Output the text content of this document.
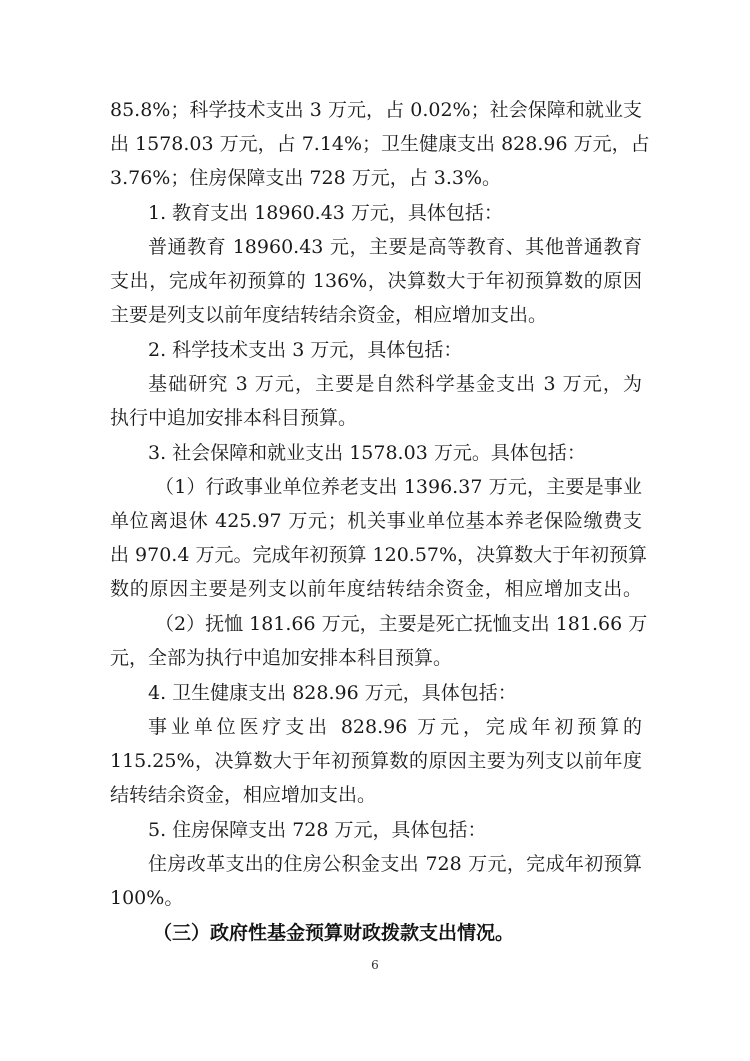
85.8%；科学技术支出 3 万元，占 0.02%；社会保障和就业支
出 1578.03 万元，占 7.14%；卫生健康支出 828.96 万元，占
3.76%；住房保障支出 728 万元，占 3.3%。
1. 教育支出 18960.43 万元，具体包括：
普通教育 18960.43 元，主要是高等教育、其他普通教育
支出，完成年初预算的 136%，决算数大于年初预算数的原因
主要是列支以前年度结转结余资金，相应增加支出。
2. 科学技术支出 3 万元，具体包括：
基础研究 3 万元，主要是自然科学基金支出 3 万元，为
执行中追加安排本科目预算。
3. 社会保障和就业支出 1578.03 万元。具体包括：
（1）行政事业单位养老支出 1396.37 万元，主要是事业
单位离退休 425.97 万元；机关事业单位基本养老保险缴费支
出 970.4 万元。完成年初预算 120.57%，决算数大于年初预算
数的原因主要是列支以前年度结转结余资金，相应增加支出。
（2）抚恤 181.66 万元，主要是死亡抚恤支出 181.66 万
元，全部为执行中追加安排本科目预算。
4. 卫生健康支出 828.96 万元，具体包括：
事业单位医疗支出 828.96 万元，完成年初预算的
115.25%，决算数大于年初预算数的原因主要为列支以前年度
结转结余资金，相应增加支出。
5. 住房保障支出 728 万元，具体包括：
住房改革支出的住房公积金支出 728 万元，完成年初预算
100%。
（三）政府性基金预算财政拨款支出情况。
6
